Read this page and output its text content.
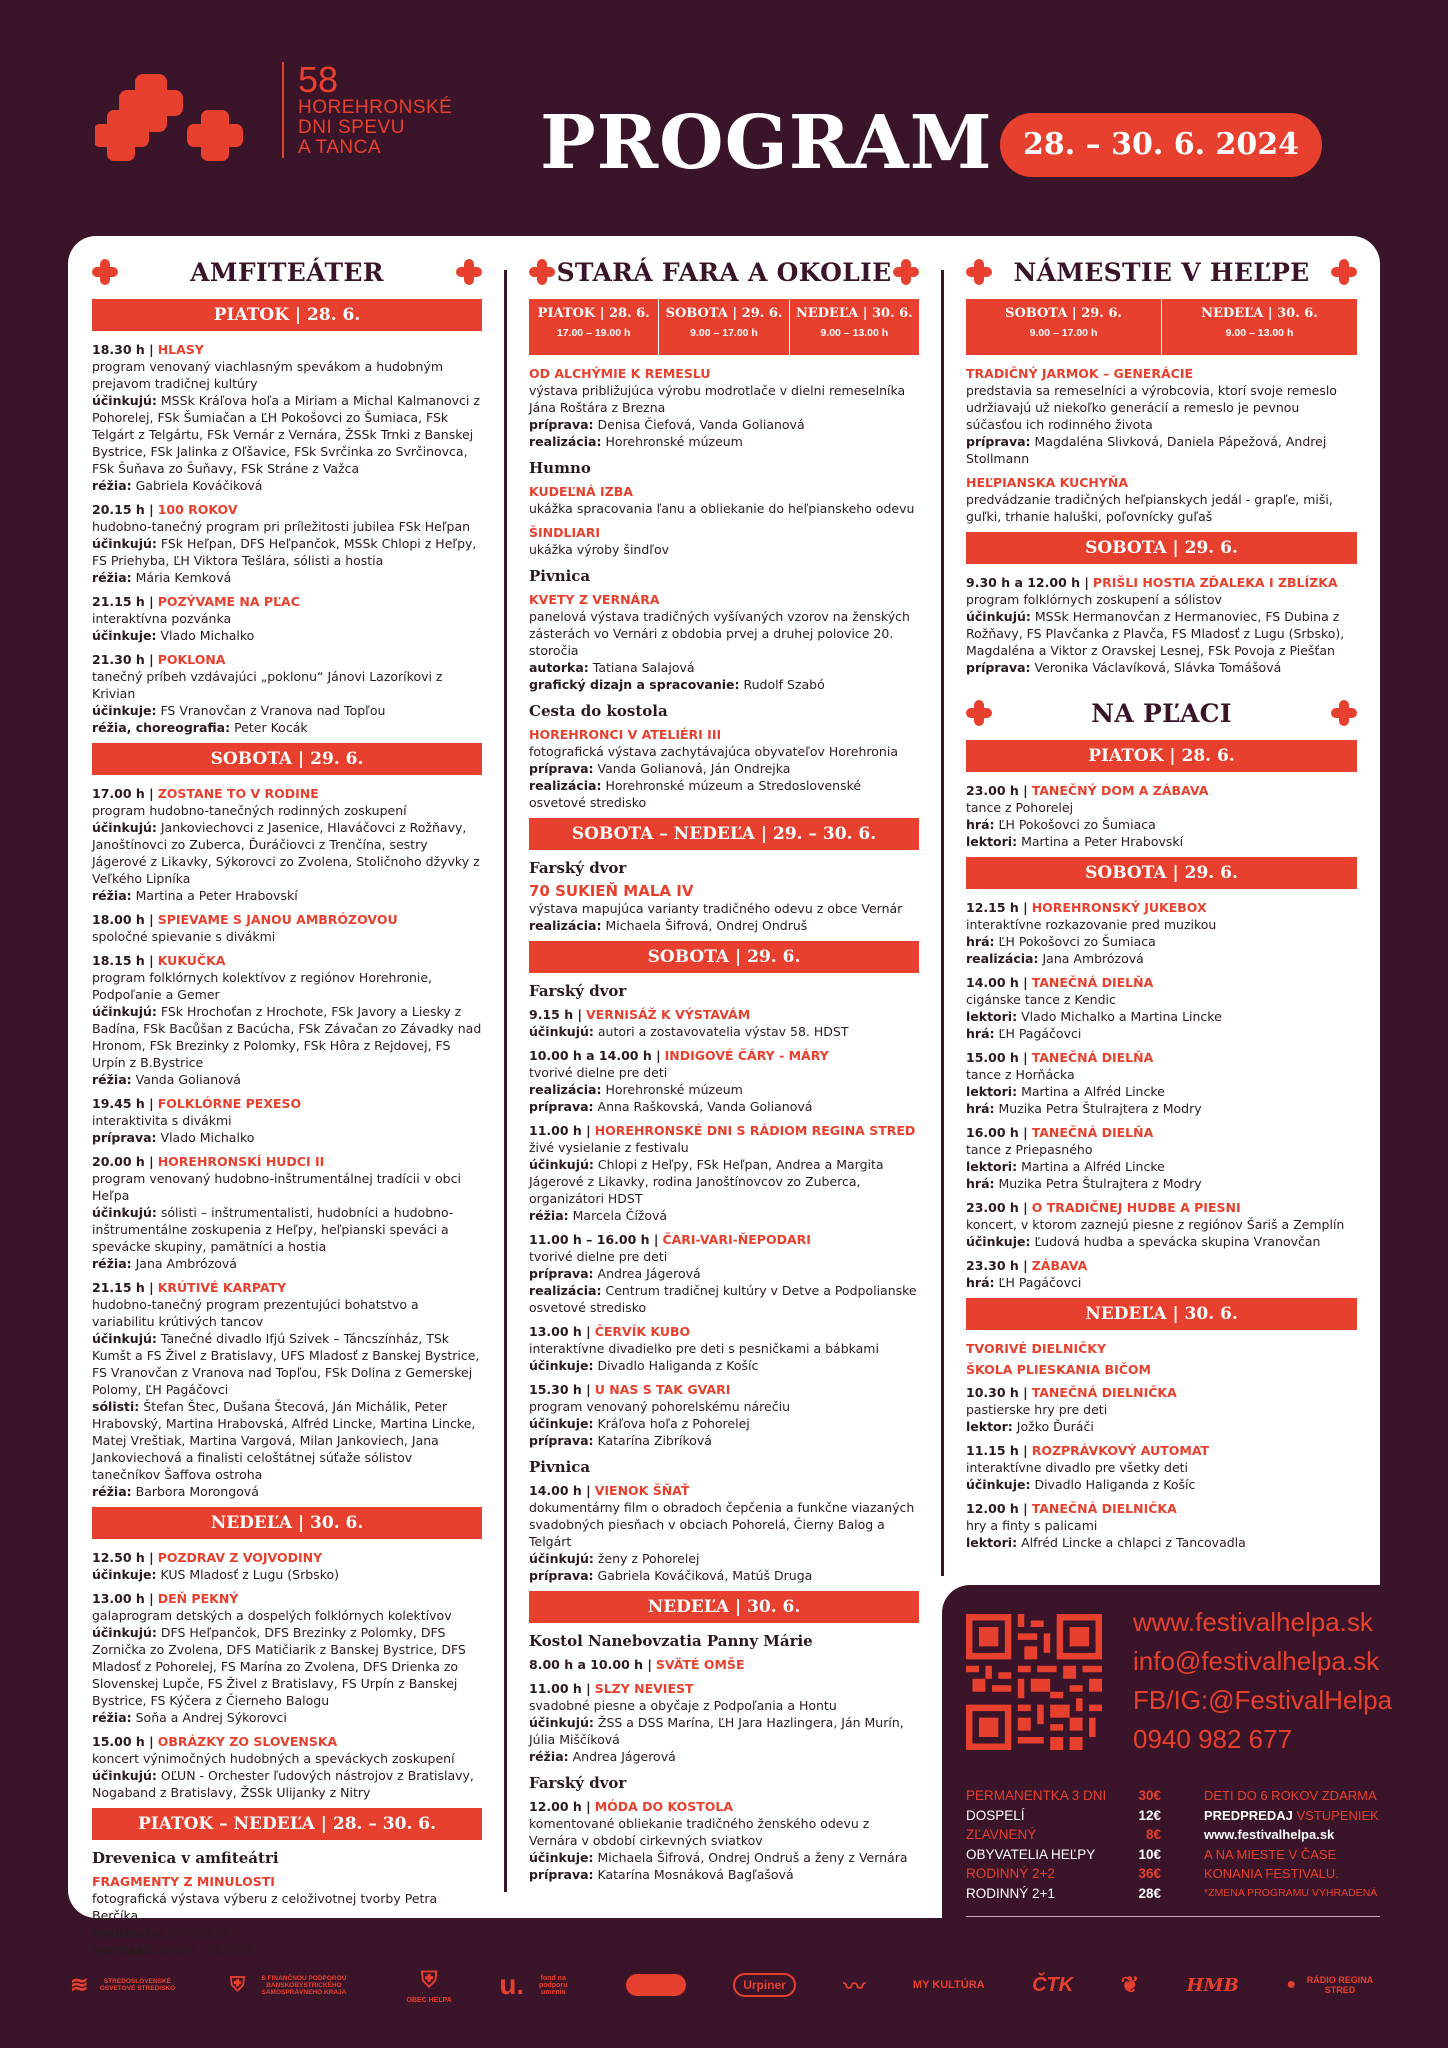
58
HOREHRONSKÉ
DNI SPEVU
A TANCA	PROGRAM	28. – 30. 6. 2024
AMFITEÁTER
PIATOK | 28. 6.

18.30 h | HLASY

program venovaný viachlasným spevákom a hudobným prejavom tradičnej kultúry

účinkujú: MSSk Kráľova hoľa a Miriam a Michal Kalmanovci z Pohorelej, FSk Šumiačan a ĽH Pokošovci zo Šumiaca, FSk Telgárt z Telgártu, FSk Vernár z Vernára, ŽSSk Trnki z Banskej Bystrice, FSk Jalinka z Oľšavice, FSk Svrčinka zo Svrčinovca, FSk Šuňava zo Šuňavy, FSk Stráne z Važca

réžia: Gabriela Kováčiková

20.15 h | 100 ROKOV

hudobno-tanečný program pri príležitosti jubilea FSk Heľpan

účinkujú: FSk Heľpan, DFS Heľpančok, MSSk Chlopi z Heľpy, FS Priehyba, ĽH Viktora Tešlára, sólisti a hostia

réžia: Mária Kemková

21.15 h | POZÝVAME NA PĽAC

interaktívna pozvánka

účinkuje: Vlado Michalko

21.30 h | POKLONA

tanečný príbeh vzdávajúci „poklonu“ Jánovi Lazoríkovi z Krivian

účinkuje: FS Vranovčan z Vranova nad Topľou

réžia, choreografia: Peter Kocák

SOBOTA | 29. 6.

17.00 h | ZOSTANE TO V RODINE

program hudobno-tanečných rodinných zoskupení

účinkujú: Jankoviechovci z Jasenice, Hlaváčovci z Rožňavy, Janoštínovci zo Zuberca, Ďuráčiovci z Trenčína, sestry Jágerové z Likavky, Sýkorovci zo Zvolena, Stoličnoho džyvky z Veľkého Lipníka

réžia: Martina a Peter Hrabovskí

18.00 h | SPIEVAME S JANOU AMBRÓZOVOU

spoločné spievanie s divákmi

18.15 h | KUKUČKA

program folklórnych kolektívov z regiónov Horehronie, Podpoľanie a Gemer

účinkujú: FSk Hrochoťan z Hrochote, FSk Javory a Liesky z Badína, FSk Bacůšan z Bacúcha, FSk Závačan zo Závadky nad Hronom, FSk Brezinky z Polomky, FSk Hôra z Rejdovej, FS Urpín z B.Bystrice

réžia: Vanda Golianová

19.45 h | FOLKLÓRNE PEXESO

interaktivita s divákmi

príprava: Vlado Michalko

20.00 h | HOREHRONSKÍ HUDCI II

program venovaný hudobno-inštrumentálnej tradícii v obci Heľpa

účinkujú: sólisti – inštrumentalisti, hudobníci a hudobno-inštrumentálne zoskupenia z Heľpy, heľpianski speváci a spevácke skupiny, pamätníci a hostia

réžia: Jana Ambrózová

21.15 h | KRÚTIVÉ KARPATY

hudobno-tanečný program prezentujúci bohatstvo a variabilitu krútivých tancov

účinkujú: Tanečné divadlo Ifjú Szivek – Táncszínház, TSk Kumšt a FS Živel z Bratislavy, UFS Mladosť z Banskej Bystrice, FS Vranovčan z Vranova nad Topľou, FSk Dolina z Gemerskej Polomy, ĽH Pagáčovci

sólisti: Štefan Štec, Dušana Štecová, Ján Michálik, Peter Hrabovský, Martina Hrabovská, Alfréd Lincke, Martina Lincke, Matej Vreštiak, Martina Vargová, Milan Jankoviech, Jana Jankoviechová a finalisti celoštátnej súťaže sólistov tanečníkov Šaffova ostroha

réžia: Barbora Morongová

NEDEĽA | 30. 6.

12.50 h | POZDRAV Z VOJVODINY

účinkuje: KUS Mladosť z Lugu (Srbsko)

13.00 h | DEŇ PEKNÝ

galaprogram detských a dospelých folklórnych kolektívov

účinkujú: DFS Heľpančok, DFS Brezinky z Polomky, DFS Zornička zo Zvolena, DFS Matičiarik z Banskej Bystrice, DFS Mladosť z Pohorelej, FS Marína zo Zvolena, DFS Drienka zo Slovenskej Lupče, FS Živel z Bratislavy, FS Urpín z Banskej Bystrice, FS Kýčera z Čierneho Balogu

réžia: Soňa a Andrej Sýkorovci

15.00 h | OBRÁZKY ZO SLOVENSKA

koncert výnimočných hudobných a speváckych zoskupení

účinkujú: OĽUN - Orchester ľudových nástrojov z Bratislavy, Nogaband z Bratislavy, ŽSSk Ulijanky z Nitry

PIATOK – NEDEĽA | 28. – 30. 6.
Drevenica v amfiteátri

FRAGMENTY Z MINULOSTI

fotografická výstava výberu z celoživotnej tvorby Petra Berčíka

realizácia: Ján Šebeň

vernisáž: piatok, 18.00 h

STARÁ FARA A OKOLIE
PIATOK | 28. 6.
17.00 – 19.00 h
SOBOTA | 29. 6.
9.00 – 17.00 h
NEDEĽA | 30. 6.
9.00 – 13.00 h

OD ALCHÝMIE K REMESLU

výstava približujúca výrobu modrotlače v dielni remeselníka Jána Roštára z Brezna

príprava: Denisa Čiefová, Vanda Golianová

realizácia: Horehronské múzeum

Humno

KUDEĽNÁ IZBA

ukážka spracovania ľanu a obliekanie do heľpianskeho odevu

ŠINDLIARI

ukážka výroby šindľov

Pivnica

KVETY Z VERNÁRA

panelová výstava tradičných vyšívaných vzorov na ženských zásterách vo Vernári z obdobia prvej a druhej polovice 20. storočia

autorka: Tatiana Salajová

grafický dizajn a spracovanie: Rudolf Szabó

Cesta do kostola

HOREHRONCI V ATELIÉRI III

fotografická výstava zachytávajúca obyvateľov Horehronia

príprava: Vanda Golianová, Ján Ondrejka

realizácia: Horehronské múzeum a Stredoslovenské osvetové stredisko

SOBOTA – NEDEĽA | 29. – 30. 6.
Farský dvor

70 SUKIEŇ MALA IV

výstava mapujúca varianty tradičného odevu z obce Vernár

realizácia: Michaela Šifrová, Ondrej Ondruš

SOBOTA | 29. 6.
Farský dvor

9.15 h | VERNISÁŽ K VÝSTAVÁM

účinkujú: autori a zostavovatelia výstav 58. HDST

10.00 h a 14.00 h | INDIGOVÉ ČÁRY - MÁRY

tvorivé dielne pre deti

realizácia: Horehronské múzeum

príprava: Anna Raškovská, Vanda Golianová

11.00 h | HOREHRONSKÉ DNI S RÁDIOM REGINA STRED

živé vysielanie z festivalu

účinkujú: Chlopi z Heľpy, FSk Heľpan, Andrea a Margita Jágerové z Likavky, rodina Janoštínovcov zo Zuberca, organizátori HDST

réžia: Marcela Čížová

11.00 h – 16.00 h | ČARI-VARI-ŇEPODARI

tvorivé dielne pre deti

príprava: Andrea Jágerová

realizácia: Centrum tradičnej kultúry v Detve a Podpolianske osvetové stredisko

13.00 h | ČERVÍK KUBO

interaktívne divadielko pre deti s pesničkami a bábkami

účinkuje: Divadlo Haliganda z Košíc

15.30 h | U NAS S TAK GVARI

program venovaný pohorelskému nárečiu

účinkuje: Kráľova hoľa z Pohorelej

príprava: Katarína Zibríková

Pivnica

14.00 h | VIENOK ŠŇAŤ

dokumentárny film o obradoch čepčenia a funkčne viazaných svadobných piesňach v obciach Pohorelá, Čierny Balog a Telgárt

účinkujú: ženy z Pohorelej

príprava: Gabriela Kováčiková, Matúš Druga

NEDEĽA | 30. 6.
Kostol Nanebovzatia Panny Márie

8.00 h a 10.00 h | SVÄTÉ OMŠE

11.00 h | SLZY NEVIEST

svadobné piesne a obyčaje z Podpoľania a Hontu

účinkujú: ŽSS a DSS Marína, ĽH Jara Hazlingera, Ján Murín, Júlia Miščíková

réžia: Andrea Jágerová

Farský dvor

12.00 h | MÓDA DO KOSTOLA

komentované obliekanie tradičného ženského odevu z Vernára v období cirkevných sviatkov

účinkuje: Michaela Šifrová, Ondrej Ondruš a ženy z Vernára

príprava: Katarína Mosnáková Bagľašová

NÁMESTIE V HEĽPE
SOBOTA | 29. 6.
9.00 – 17.00 h
NEDEĽA | 30. 6.
9.00 – 13.00 h

TRADIČNÝ JARMOK – GENERÁCIE

predstavia sa remeselníci a výrobcovia, ktorí svoje remeslo udržiavajú už niekoľko generácií a remeslo je pevnou súčasťou ich rodinného života

príprava: Magdaléna Slivková, Daniela Pápežová, Andrej Stollmann

HEĽPIANSKA KUCHYŇA

predvádzanie tradičných heľpianskych jedál - grapľe, miši, guľki, trhanie haluški, poľovnícky guľaš

SOBOTA | 29. 6.

9.30 h a 12.00 h | PRIŠLI HOSTIA ZĎALEKA I ZBLÍZKA

program folklórnych zoskupení a sólistov

účinkujú: MSSk Hermanovčan z Hermanoviec, FS Dubina z Rožňavy, FS Plavčanka z Plavča, FS Mladosť z Lugu (Srbsko), Magdaléna a Viktor z Oravskej Lesnej, FSk Povoja z Piešťan

príprava: Veronika Václavíková, Slávka Tomášová

NA PĽACI
PIATOK | 28. 6.

23.00 h | TANEČNÝ DOM A ZÁBAVA

tance z Pohorelej

hrá: ĽH Pokošovci zo Šumiaca

lektori: Martina a Peter Hrabovskí

SOBOTA | 29. 6.

12.15 h | HOREHRONSKÝ JUKEBOX

interaktívne rozkazovanie pred muzikou

hrá: ĽH Pokošovci zo Šumiaca

realizácia: Jana Ambrózová

14.00 h | TANEČNÁ DIELŇA

cigánske tance z Kendic

lektori: Vlado Michalko a Martina Lincke

hrá: ĽH Pagáčovci

15.00 h | TANEČNÁ DIELŇA

tance z Horňácka

lektori: Martina a Alfréd Lincke

hrá: Muzika Petra Štulrajtera z Modry

16.00 h | TANEČNÁ DIELŇA

tance z Priepasného

lektori: Martina a Alfréd Lincke

hrá: Muzika Petra Štulrajtera z Modry

23.00 h | O TRADIČNEJ HUDBE A PIESNI

koncert, v ktorom zaznejú piesne z regiónov Šariš a Zemplín

účinkuje: Ľudová hudba a spevácka skupina Vranovčan

23.30 h | ZÁBAVA

hrá: ĽH Pagáčovci

NEDEĽA | 30. 6.

TVORIVÉ DIELNIČKY

ŠKOLA PLIESKANIA BIČOM

10.30 h | TANEČNÁ DIELNIČKA

pastierske hry pre deti

lektor: Jožko Ďuráči

11.15 h | ROZPRÁVKOVÝ AUTOMAT

interaktívne divadlo pre všetky deti

účinkuje: Divadlo Haliganda z Košíc

12.00 h | TANEČNÁ DIELNIČKA

hry a finty s palicami

lektori: Alfréd Lincke a chlapci z Tancovadla

www.festivalhelpa.sk
info@festivalhelpa.sk
FB/IG:@FestivalHelpa
0940 982 677
PERMANENTKA 3 DNI 30€
DOSPELÍ	12€
ZĽAVNENÝ	8€
OBYVATELIA HEĽPY	10€
RODINNÝ 2+2	36€
RODINNÝ 2+1	28€
DETI DO 6 ROKOV ZDARMA
PREDPREDAJ VSTUPENIEK
www.festivalhelpa.sk
A NA MIESTE V ČASE KONANIA FESTIVALU.
*ZMENA PROGRAMU VYHRADENÁ
≋	STREDOSLOVENSKÉ OSVETOVÉ STREDISKO	⛨	S FINANČNOU PODPOROU BANSKOBYSTRICKÉHO SAMOSPRÁVNEHO KRAJA
⛨
OBEC HEĽPA u.	fond na podporu umenia	Urpiner	〰	MY KULTÚRA ČTK ❦	HMB	●	RÁDIO REGINA STRED
